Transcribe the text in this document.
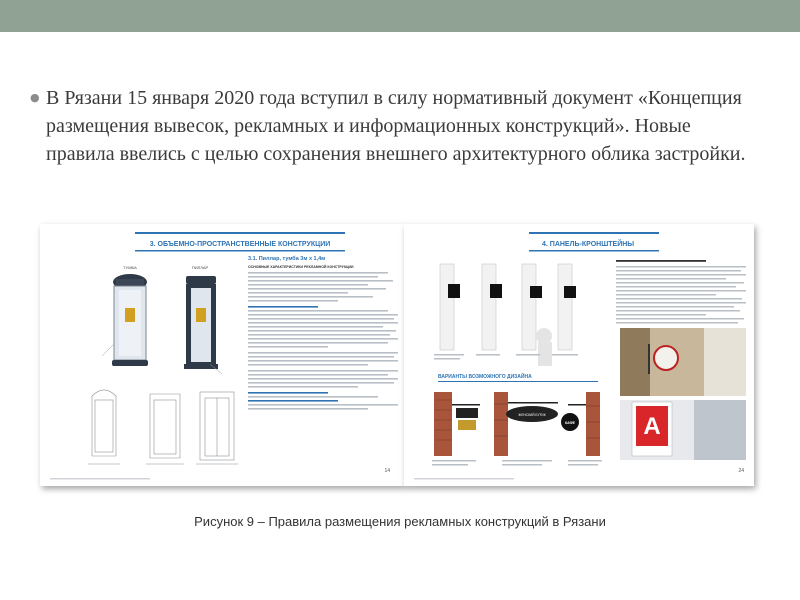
● В Рязани 15 января 2020 года вступил в силу нормативный документ «Концепция размещения вывесок, рекламных и информационных конструкций». Новые правила ввелись с целью сохранения внешнего архитектурного облика застройки.
3. ОБЪЕМНО-ПРОСТРАНСТВЕННЫЕ КОНСТРУКЦИИ
ТУМБА	ПИЛЛАР
3.1. Пиллар, тумба 3м х 1,4м
ОСНОВНЫЕ ХАРАКТЕРИСТИКИ РЕКЛАМНОЙ КОНСТРУКЦИИ
14
4. ПАНЕЛЬ-КРОНШТЕЙНЫ
А
ВАРИАНТЫ ВОЗМОЖНОГО ДИЗАЙНА
ЖЕНСКИЙ БУТИК
КАФЕ
24
Рисунок 9 – Правила размещения рекламных конструкций в Рязани
